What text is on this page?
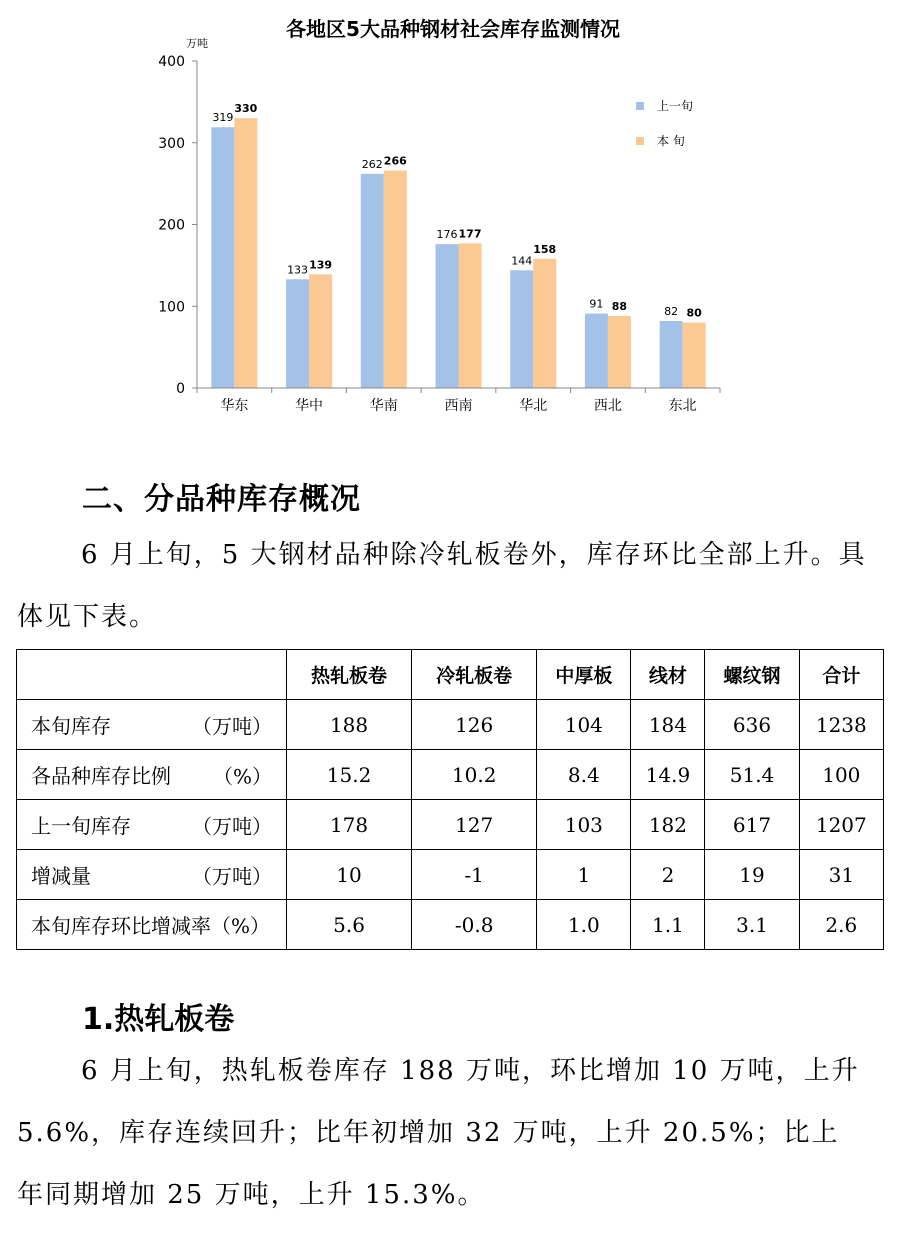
各地区5大品种钢材社会库存监测情况
万吨
0
100
200
300
400
319
330
133 139
262 266
176 177
144
158
91 88	82 80
华东	华中	华南	西南	华北	西北	东北
上一旬
本 旬
二、分品种库存概况

6 月上旬，5 大钢材品种除冷轧板卷外，库存环比全部上升。具体见下表。

	热轧板卷	冷轧板卷	中厚板	线材	螺纹钢	合计
本旬库存 （万吨）	188	126	104	184	636	1238
各品种库存比例 （%）	15.2	10.2	8.4	14.9	51.4	100
上一旬库存 （万吨）	178	127	103	182	617	1207
增减量 （万吨）	10	-1	1	2	19	31
本旬库存环比增减率（%）	5.6	-0.8	1.0	1.1	3.1	2.6
1.热轧板卷

6 月上旬，热轧板卷库存 188 万吨，环比增加 10 万吨，上升 5.6%，库存连续回升；比年初增加 32 万吨，上升 20.5%；比上年同期增加 25 万吨，上升 15.3%。
